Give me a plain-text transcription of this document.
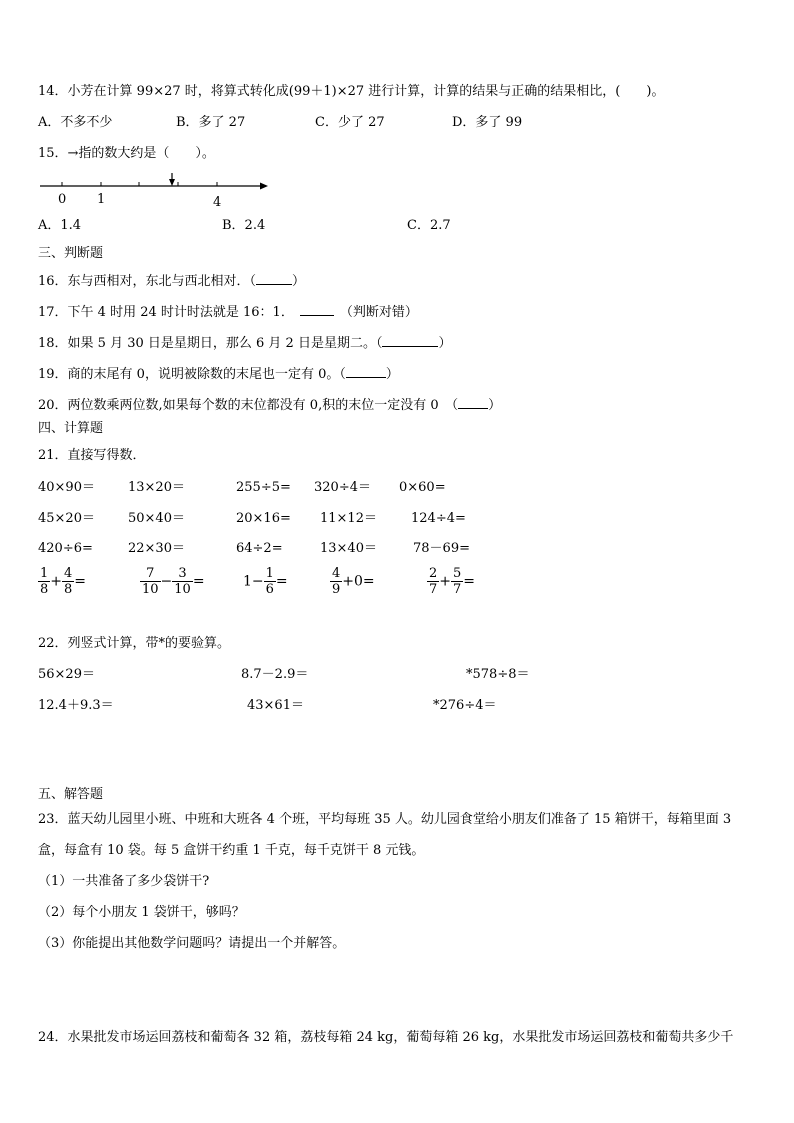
14．小芳在计算 99×27 时，将算式转化成(99＋1)×27 进行计算，计算的结果与正确的结果相比，(　　)。
A．不多不少	B．多了 27	C．少了 27	D．多了 99
15．→指的数大约是（　　）。
0 1	4
A．1.4	B．2.4	C．2.7
三、判断题
16．东与西相对，东北与西北相对．（	）
17．下午 4 时用 24 时计时法就是 16：1．	（判断对错）
18．如果 5 月 30 日是星期日，那么 6 月 2 日是星期二。（	）
19．商的末尾有 0，说明被除数的末尾也一定有 0。（	）
20．两位数乘两位数,如果每个数的末位都没有 0,积的末位一定没有 0　（ ）
四、计算题
21．直接写得数．
40×90＝	13×20＝	255÷5= 320÷4＝ 0×60=
45×20＝	50×40＝	20×16= 11×12＝	124÷4=
420÷6=	22×30＝	64÷2=	13×40＝	78－69=
$\frac{1}{8} + \frac{4}{8}$ =	$\frac{7}{10} - \frac{3}{10}$ =	$1- \frac{1}{6}$ =	$\frac{4}{9} +0=$	$\frac{2}{7} + \frac{5}{7}$ =
22．列竖式计算，带*的要验算。
56×29＝	8.7－2.9＝	*578÷8＝
12.4＋9.3＝	43×61＝	*276÷4＝
五、解答题
23．蓝天幼儿园里小班、中班和大班各 4 个班，平均每班 35 人。幼儿园食堂给小朋友们准备了 15 箱饼干，每箱里面 3
盒，每盒有 10 袋。每 5 盒饼干约重 1 千克，每千克饼干 8 元钱。
（1）一共准备了多少袋饼干?
（2）每个小朋友 1 袋饼干，够吗？
（3）你能提出其他数学问题吗？请提出一个并解答。
24．水果批发市场运回荔枝和葡萄各 32 箱，荔枝每箱 24 kg，葡萄每箱 26 kg，水果批发市场运回荔枝和葡萄共多少千
